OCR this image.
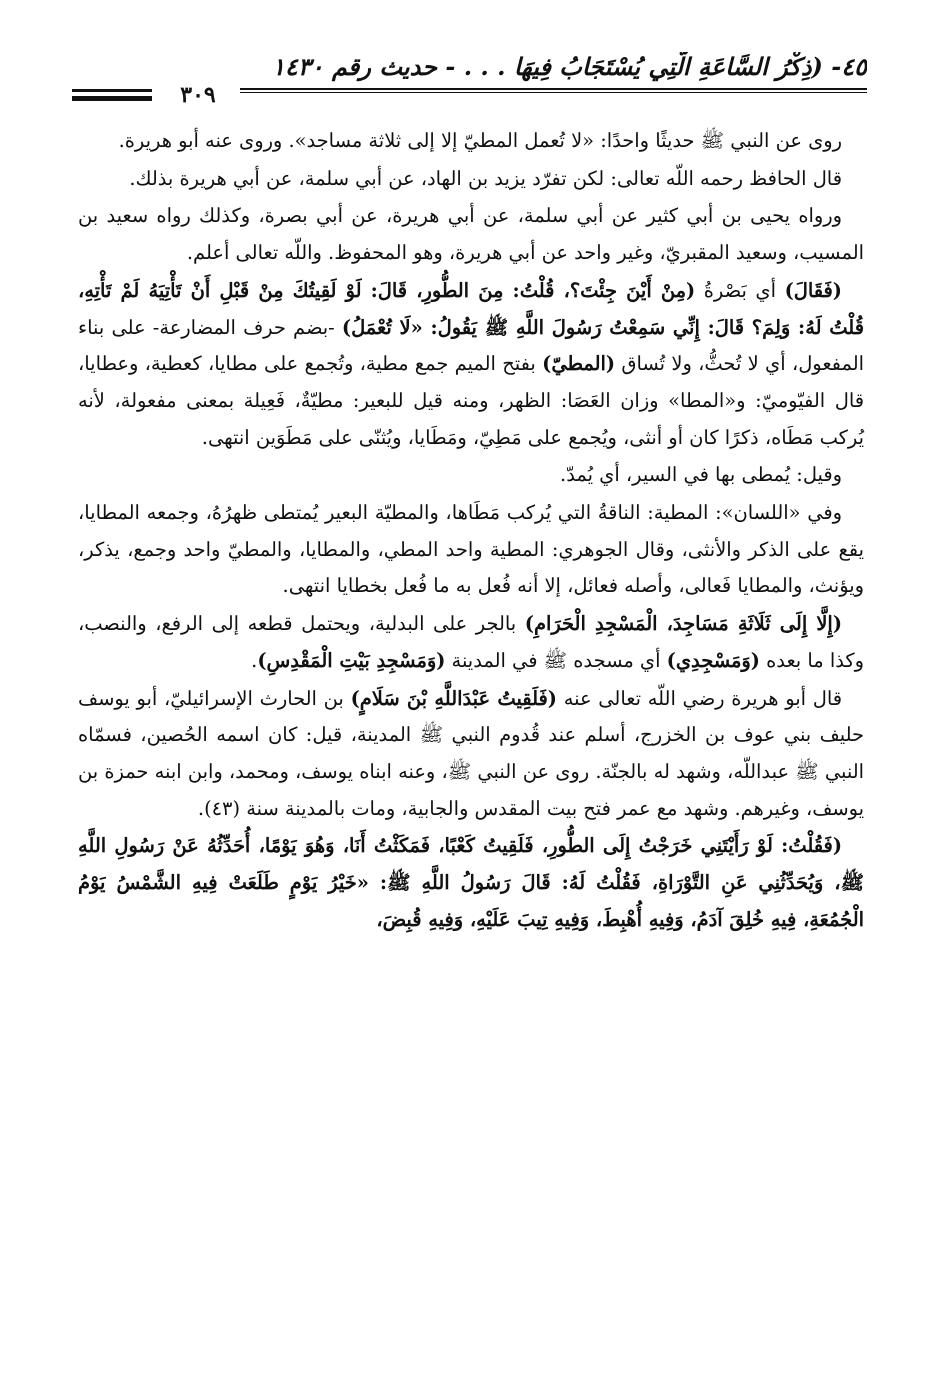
٤٥- (ذِكْرُ السَّاعَةِ الَّتِي يُسْتَجَابُ فِيهَا . . . - حديث رقم ١٤٣٠
٣٠٩

روى عن النبي ﷺ حديثًا واحدًا: «لا تُعمل المطيّ إلا إلى ثلاثة مساجد». وروى عنه أبو هريرة.

قال الحافظ رحمه اللّه تعالى: لكن تفرّد يزيد بن الهاد، عن أبي سلمة، عن أبي هريرة بذلك.

ورواه يحيى بن أبي كثير عن أبي سلمة، عن أبي هريرة، عن أبي بصرة، وكذلك رواه سعيد بن المسيب، وسعيد المقبريّ، وغير واحد عن أبي هريرة، وهو المحفوظ. واللّه تعالى أعلم.

(فَقَالَ) أي بَصْرةُ (مِنْ أَيْنَ جِئْتَ؟، قُلْتُ: مِنَ الطُّورِ، قَالَ: لَوْ لَقِيتُكَ مِنْ قَبْلِ أَنْ تَأْتِيَهُ لَمْ تَأْتِهِ، قُلْتُ لَهُ: وَلِمَ؟ قَالَ: إِنِّي سَمِعْتُ رَسُولَ اللَّهِ ﷺ يَقُولُ: «لَا تُعْمَلُ) -بضم حرف المضارعة- على بناء المفعول، أي لا تُحثُّ، ولا تُساق (المطيّ) بفتح الميم جمع مطية، وتُجمع على مطايا، كعطية، وعطايا، قال الفيّوميّ: و«المطا» وزان العَصَا: الظهر، ومنه قيل للبعير: مطيّةٌ، فَعِيلة بمعنى مفعولة، لأنه يُركب مَطَاه، ذكرًا كان أو أنثى، ويُجمع على مَطِيّ، ومَطَايا، ويُثنّى على مَطَوَين انتهى.

وقيل: يُمطى بها في السير، أي يُمدّ.

وفي «اللسان»: المطية: الناقةُ التي يُركب مَطَاها، والمطيّة البعير يُمتطى ظهرُهُ، وجمعه المطايا، يقع على الذكر والأنثى، وقال الجوهري: المطية واحد المطي، والمطايا، والمطيّ واحد وجمع، يذكر، ويؤنث، والمطايا فَعالى، وأصله فعائل، إلا أنه فُعل به ما فُعل بخطايا انتهى.

(إِلَّا إِلَى ثَلَاثَةِ مَسَاجِدَ، الْمَسْجِدِ الْحَرَامِ) بالجر على البدلية، ويحتمل قطعه إلى الرفع، والنصب، وكذا ما بعده (وَمَسْجِدِي) أي مسجده ﷺ في المدينة (وَمَسْجِدِ بَيْتِ الْمَقْدِسِ).

قال أبو هريرة رضي اللّه تعالى عنه (فَلَقِيتُ عَبْدَاللَّهِ بْنَ سَلَامٍ) بن الحارث الإسرائيليّ، أبو يوسف حليف بني عوف بن الخزرج، أسلم عند قُدوم النبي ﷺ المدينة، قيل: كان اسمه الحُصين، فسمّاه النبي ﷺ عبداللّه، وشهد له بالجنّة. روى عن النبي ﷺ، وعنه ابناه يوسف، ومحمد، وابن ابنه حمزة بن يوسف، وغيرهم. وشهد مع عمر فتح بيت المقدس والجابية، ومات بالمدينة سنة (٤٣).

(فَقُلْتُ: لَوْ رَأَيْتَنِي خَرَجْتُ إِلَى الطُّورِ، فَلَقِيتُ كَعْبًا، فَمَكَثْتُ أَنَا، وَهُوَ يَوْمًا، أُحَدِّثُهُ عَنْ رَسُولِ اللَّهِ ﷺ، وَيُحَدِّثُنِي عَنِ التَّوْرَاةِ، فَقُلْتُ لَهُ: قَالَ رَسُولُ اللَّهِ ﷺ: «خَيْرُ يَوْمٍ طَلَعَتْ فِيهِ الشَّمْسُ يَوْمُ الْجُمُعَةِ، فِيهِ خُلِقَ آدَمُ، وَفِيهِ أُهْبِطَ، وَفِيهِ تِيبَ عَلَيْهِ، وَفِيهِ قُبِضَ،
